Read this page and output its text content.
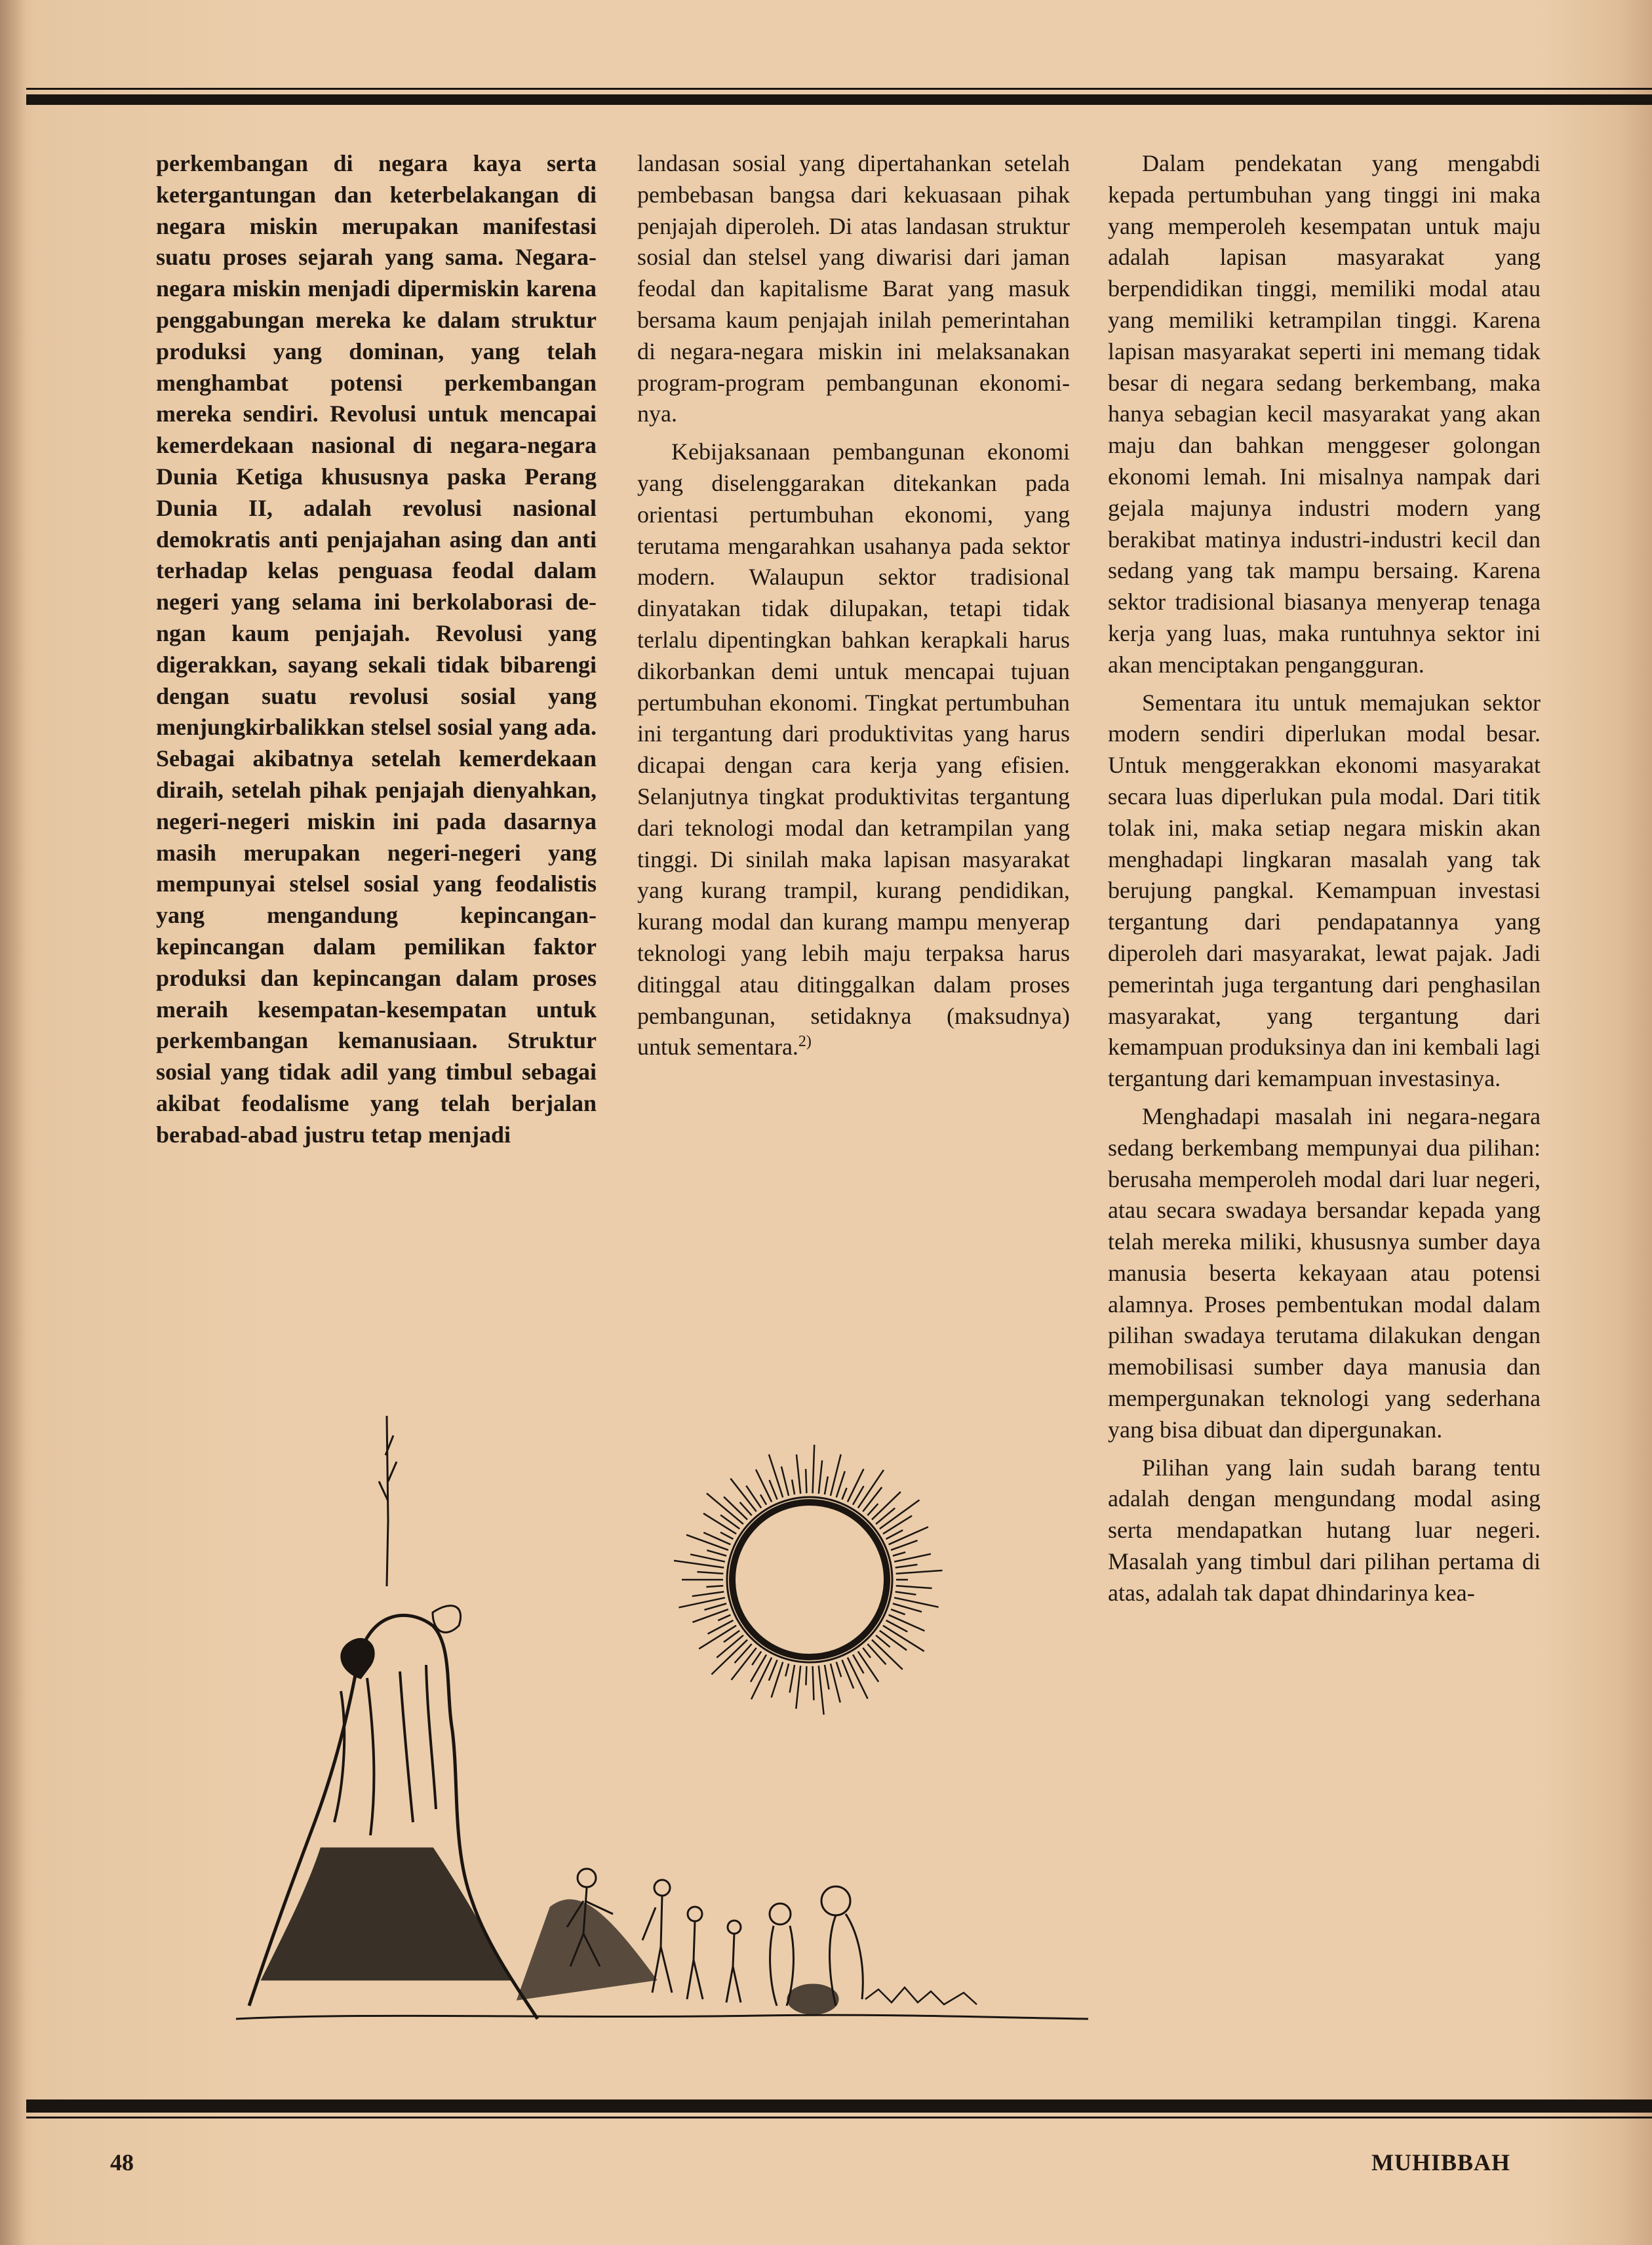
perkembangan di negara kaya serta ketergantungan dan keterbelakangan di negara miskin merupakan manifestasi suatu proses sejarah yang sama. Negara-negara miskin menjadi dipermiskin karena penggabungan mereka ke dalam struktur produksi yang dominan, yang telah menghambat potensi perkembangan mereka sendiri. Revolusi untuk mencapai kemerdekaan nasional di negara-negara Dunia Ketiga khususnya paska Perang Dunia II, adalah revolusi nasional demokratis anti penjajahan asing dan anti terhadap kelas penguasa feodal dalam negeri yang selama ini berkolaborasi dengan kaum penjajah. Revolusi yang digerakkan, sayang sekali tidak bibarengi dengan suatu revolusi sosial yang menjungkirbalikkan stelsel sosial yang ada. Sebagai akibatnya setelah kemerdekaan diraih, setelah pihak penjajah dienyahkan, negeri-negeri miskin ini pada dasarnya masih merupakan negeri-negeri yang mempunyai stelsel sosial yang feodalistis yang mengandung kepincangan-kepincangan dalam pemilikan faktor produksi dan kepincangan dalam proses meraih kesempatan-kesempatan untuk perkembangan kemanusiaan. Struktur sosial yang tidak adil yang timbul sebagai akibat feodalisme yang telah berjalan berabad-abad justru tetap menjadi

landasan sosial yang dipertahankan setelah pembebasan bangsa dari kekuasaan pihak penjajah diperoleh. Di atas landasan struktur sosial dan stelsel yang diwarisi dari jaman feodal dan kapitalisme Barat yang masuk bersama kaum penjajah inilah pemerintahan di negara-negara miskin ini melaksanakan program-program pembangunan ekonominya.

Kebijaksanaan pembangunan ekonomi yang diselenggarakan ditekankan pada orientasi pertumbuhan ekonomi, yang terutama mengarahkan usahanya pada sektor modern. Walaupun sektor tradisional dinyatakan tidak dilupakan, tetapi tidak terlalu dipentingkan bahkan kerapkali harus dikorbankan demi untuk mencapai tujuan pertumbuhan ekonomi. Tingkat pertumbuhan ini tergantung dari produktivitas yang harus dicapai dengan cara kerja yang efisien. Selanjutnya tingkat produktivitas tergantung dari teknologi modal dan ketrampilan yang tinggi. Di sinilah maka lapisan masyarakat yang kurang trampil, kurang pendidikan, kurang modal dan kurang mampu menyerap teknologi yang lebih maju terpaksa harus ditinggal atau ditinggalkan dalam proses pembangunan, setidaknya (maksudnya) untuk sementara.$^{2)}$

Dalam pendekatan yang mengabdi kepada pertumbuhan yang tinggi ini maka yang memperoleh kesempatan untuk maju adalah lapisan masyarakat yang berpendidikan tinggi, memiliki modal atau yang memiliki ketrampilan tinggi. Karena lapisan masyarakat seperti ini memang tidak besar di negara sedang berkembang, maka hanya sebagian kecil masyarakat yang akan maju dan bahkan menggeser golongan ekonomi lemah. Ini misalnya nampak dari gejala majunya industri modern yang berakibat matinya industri-industri kecil dan sedang yang tak mampu bersaing. Karena sektor tradisional biasanya menyerap tenaga kerja yang luas, maka runtuhnya sektor ini akan menciptakan pengangguran.

Sementara itu untuk memajukan sektor modern sendiri diperlukan modal besar. Untuk menggerakkan ekonomi masyarakat secara luas diperlukan pula modal. Dari titik tolak ini, maka setiap negara miskin akan menghadapi lingkaran masalah yang tak berujung pangkal. Kemampuan investasi tergantung dari pendapatannya yang diperoleh dari masyarakat, lewat pajak. Jadi pemerintah juga tergantung dari penghasilan masyarakat, yang tergantung dari kemampuan produksinya dan ini kembali lagi tergantung dari kemampuan investasinya.

Menghadapi masalah ini negara-negara sedang berkembang mempunyai dua pilihan: berusaha memperoleh modal dari luar negeri, atau secara swadaya bersandar kepada yang telah mereka miliki, khususnya sumber daya manusia beserta kekayaan atau potensi alamnya. Proses pembentukan modal dalam pilihan swadaya terutama dilakukan dengan memobilisasi sumber daya manusia dan mempergunakan teknologi yang sederhana yang bisa dibuat dan dipergunakan.

Pilihan yang lain sudah barang tentu adalah dengan mengundang modal asing serta mendapatkan hutang luar negeri. Masalah yang timbul dari pilihan pertama di atas, adalah tak dapat dhindarinya kea-

48	MUHIBBAH
